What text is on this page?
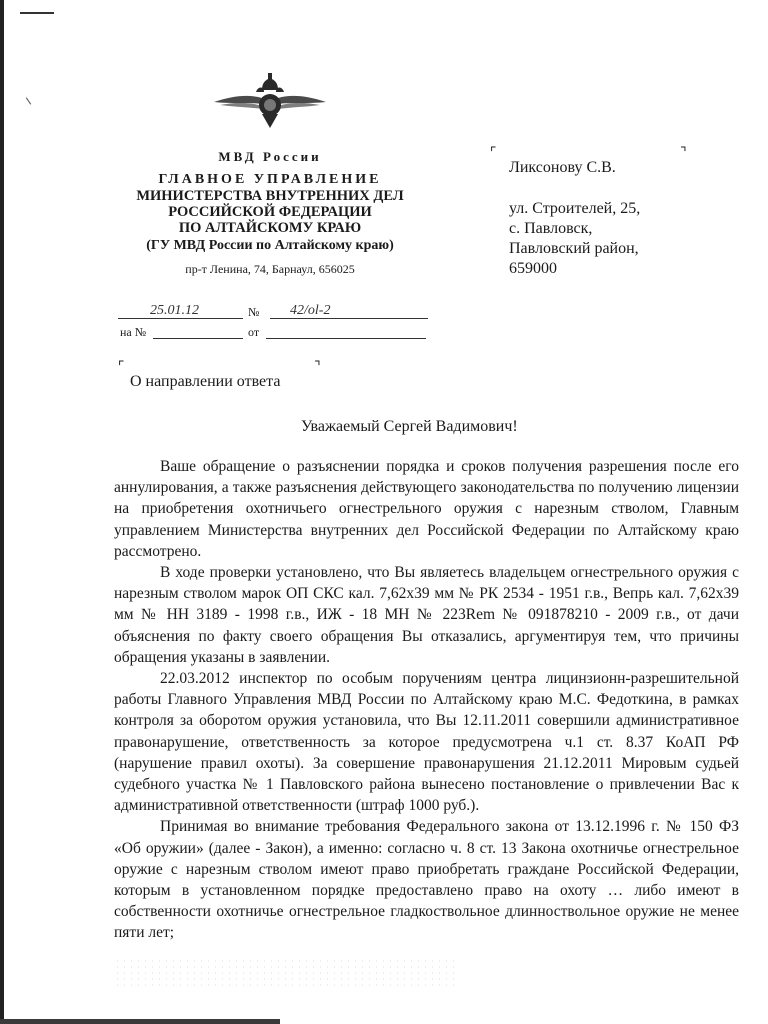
МВД России
ГЛАВНОЕ УПРАВЛЕНИЕ
МИНИСТЕРСТВА ВНУТРЕННИХ ДЕЛ
РОССИЙСКОЙ ФЕДЕРАЦИИ
ПО АЛТАЙСКОМУ КРАЮ
(ГУ МВД России по Алтайскому краю)
пр-т Ленина, 74, Барнаул, 656025
25.01.12	№ 42/ol-2
на №	от
⌜	⌝
⌜	⌝
Ликсонову С.В.
ул. Строителей, 25,
с. Павловск,
Павловский район,
659000
О направлении ответа
Уважаемый Сергей Вадимович!

Ваше обращение о разъяснении порядка и сроков получения разрешения после его аннулирования, а также разъяснения действующего законодательства по получению лицензии на приобретения охотничьего огнестрельного оружия с нарезным стволом, Главным управлением Министерства внутренних дел Российской Федерации по Алтайскому краю рассмотрено.

В ходе проверки установлено, что Вы являетесь владельцем огнестрельного оружия с нарезным стволом марок ОП СКС кал. 7,62x39 мм № РК 2534 - 1951 г.в., Вепрь кал. 7,62x39 мм № НН 3189 - 1998 г.в., ИЖ - 18 МН № 223Rem № 091878210 - 2009 г.в., от дачи объяснения по факту своего обращения Вы отказались, аргументируя тем, что причины обращения указаны в заявлении.

22.03.2012 инспектор по особым поручениям центра лицинзионн-разрешительной работы Главного Управления МВД России по Алтайскому краю М.С. Федоткина, в рамках контроля за оборотом оружия установила, что Вы 12.11.2011 совершили административное правонарушение, ответственность за которое предусмотрена ч.1 ст. 8.37 КоАП РФ (нарушение правил охоты). За совершение правонарушения 21.12.2011 Мировым судьей судебного участка № 1 Павловского района вынесено постановление о привлечении Вас к административной ответственности (штраф 1000 руб.).

Принимая во внимание требования Федерального закона от 13.12.1996 г. № 150 ФЗ «Об оружии» (далее - Закон), а именно: согласно ч. 8 ст. 13 Закона охотничье огнестрельное оружие с нарезным стволом имеют право приобретать граждане Российской Федерации, которым в установленном порядке предоставлено право на охоту … либо имеют в собственности охотничье огнестрельное гладкоствольное длинноствольное оружие не менее пяти лет;
